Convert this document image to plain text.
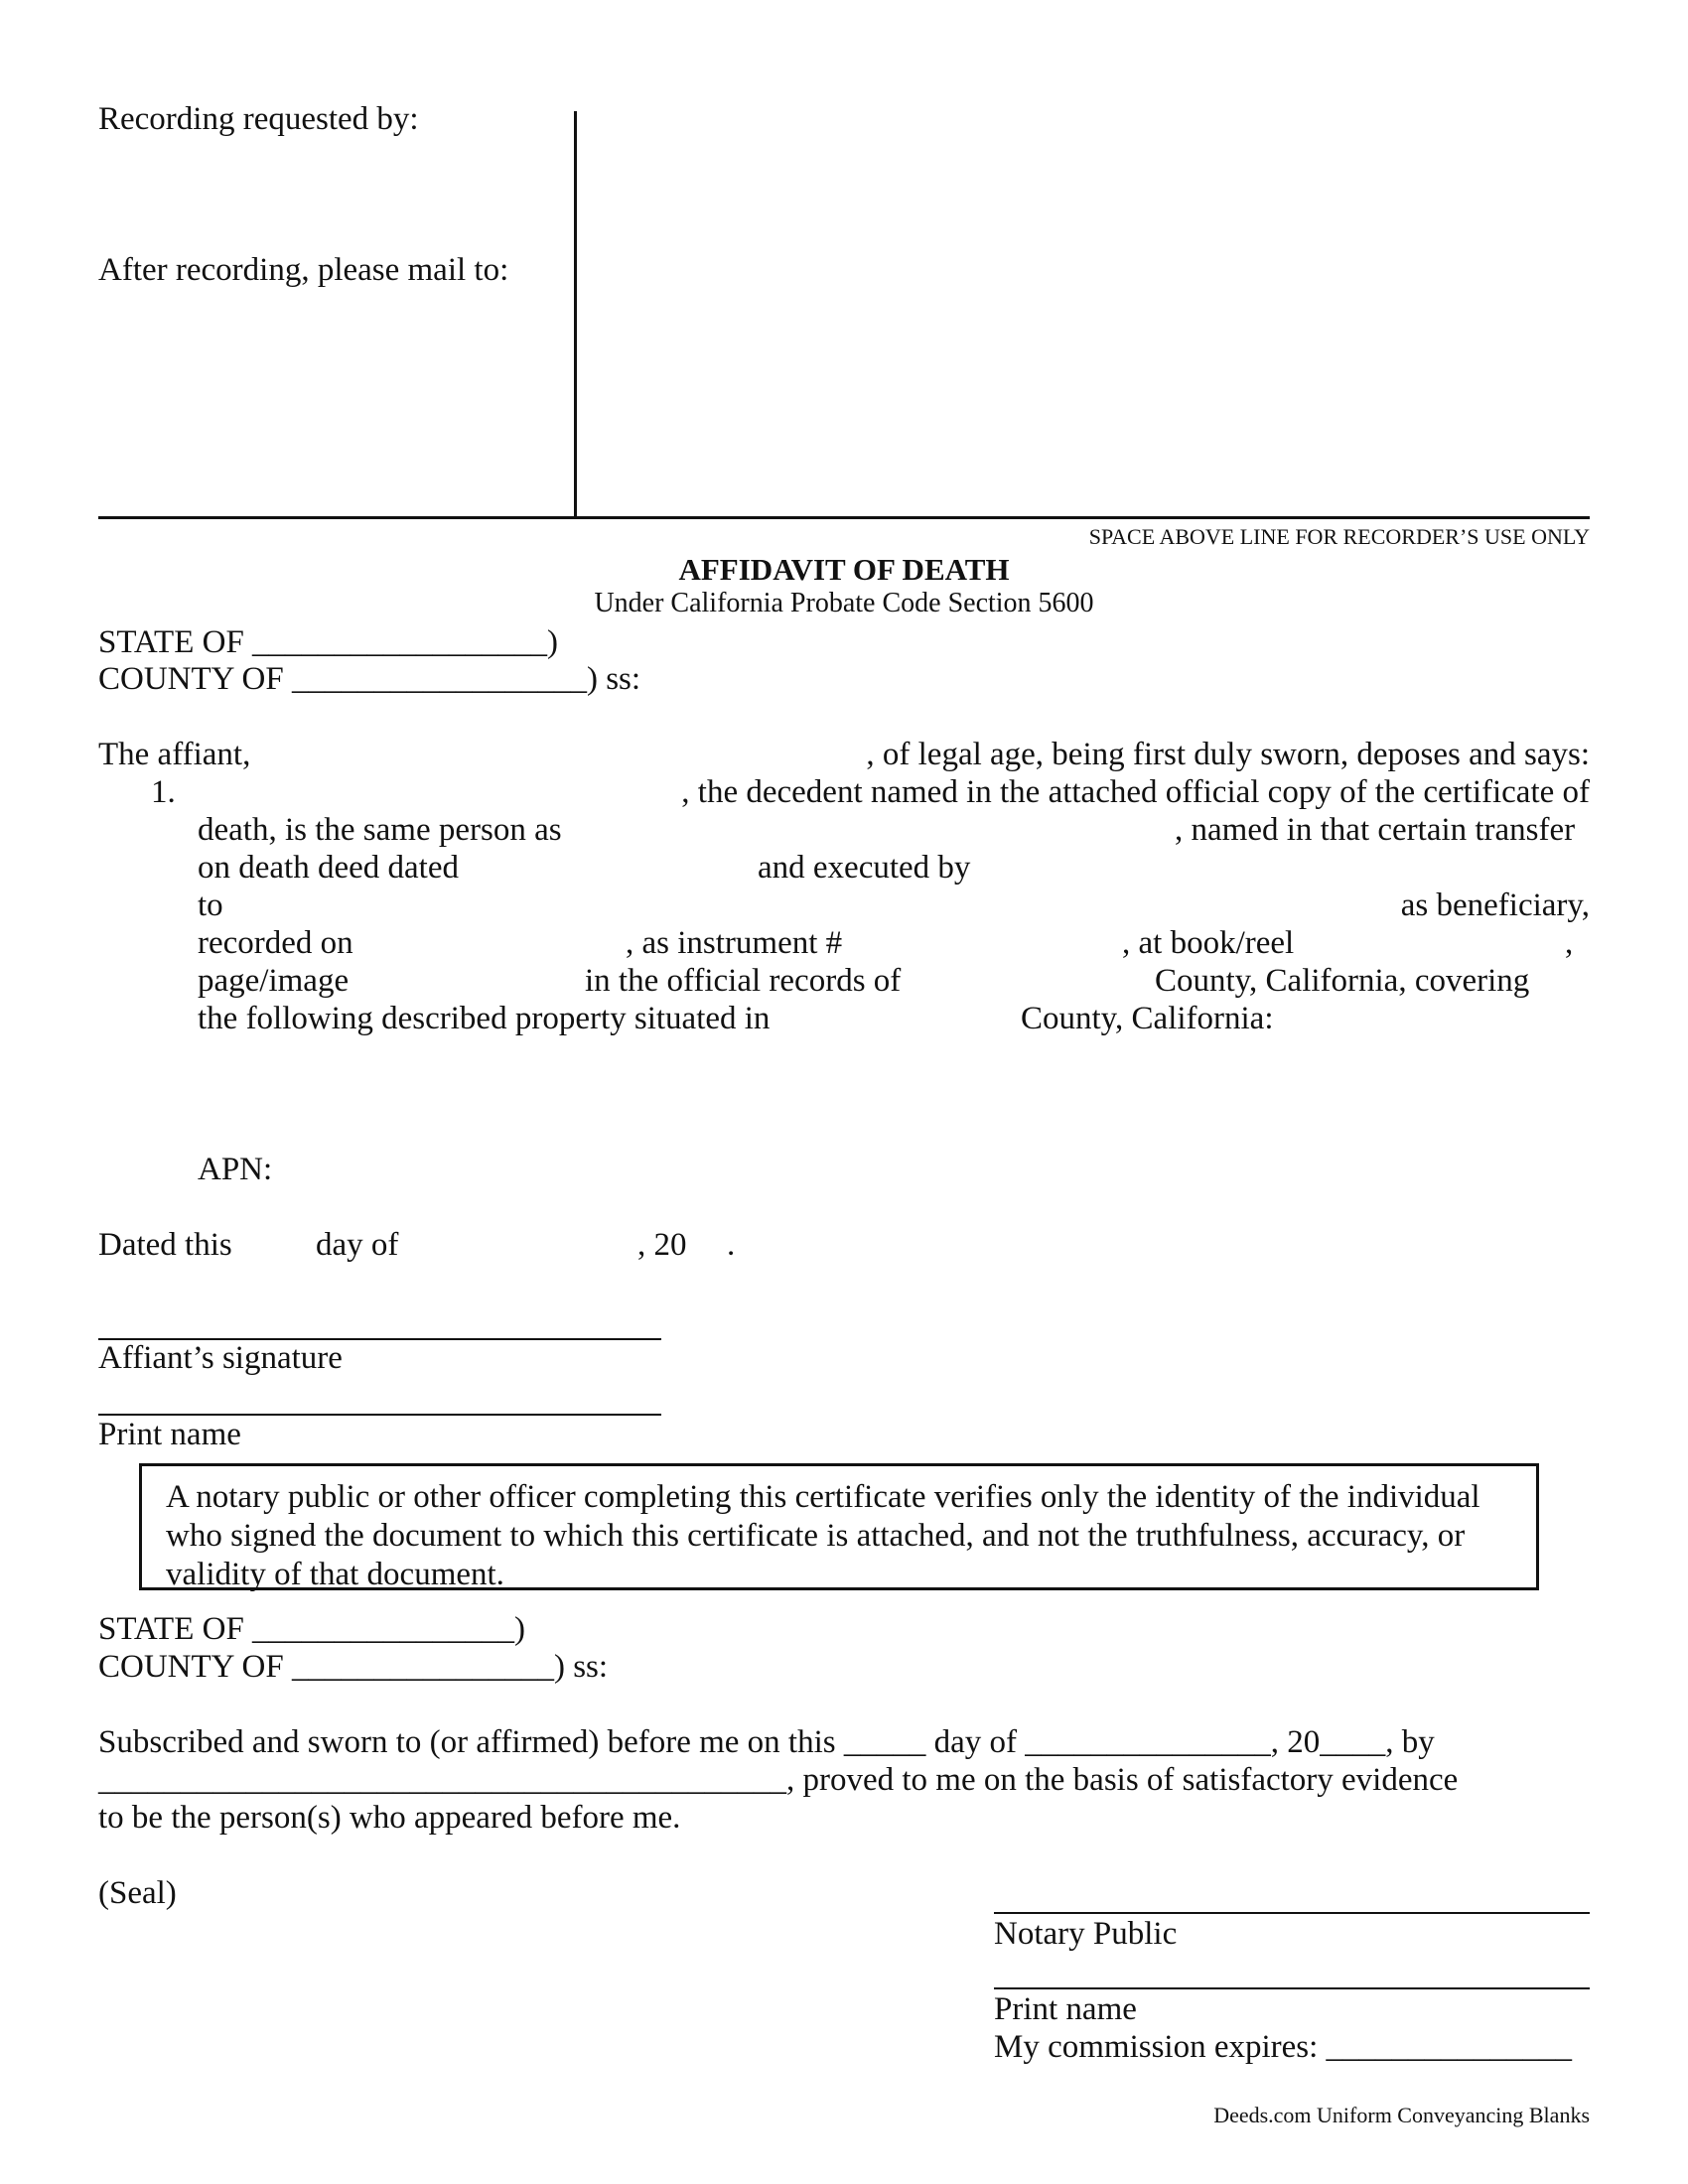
Recording requested by:
After recording, please mail to:
SPACE ABOVE LINE FOR RECORDER’S USE ONLY
AFFIDAVIT OF DEATH
Under California Probate Code Section 5600
STATE OF __________________)
COUNTY OF __________________) ss:
The affiant,	, of legal age, being first duly sworn, deposes and says:
1.	, the decedent named in the attached official copy of the certificate of
death, is the same person as	, named in that certain transfer
on death deed dated	and executed by
to	as beneficiary,
recorded on	, as instrument #	, at book/reel	,
page/image	in the official records of	County, California, covering
the following described property situated in	County, California:
APN:
Dated this	day of	, 20 .
Affiant’s signature
Print name
A notary public or other officer completing this certificate verifies only the identity of the individual who signed the document to which this certificate is attached, and not the truthfulness, accuracy, or validity of that document.
STATE OF ________________)
COUNTY OF ________________) ss:
Subscribed and sworn to (or affirmed) before me on this _____ day of _______________, 20____, by
__________________________________________, proved to me on the basis of satisfactory evidence
to be the person(s) who appeared before me.
(Seal)
Notary Public
Print name
My commission expires: _______________
Deeds.com Uniform Conveyancing Blanks
